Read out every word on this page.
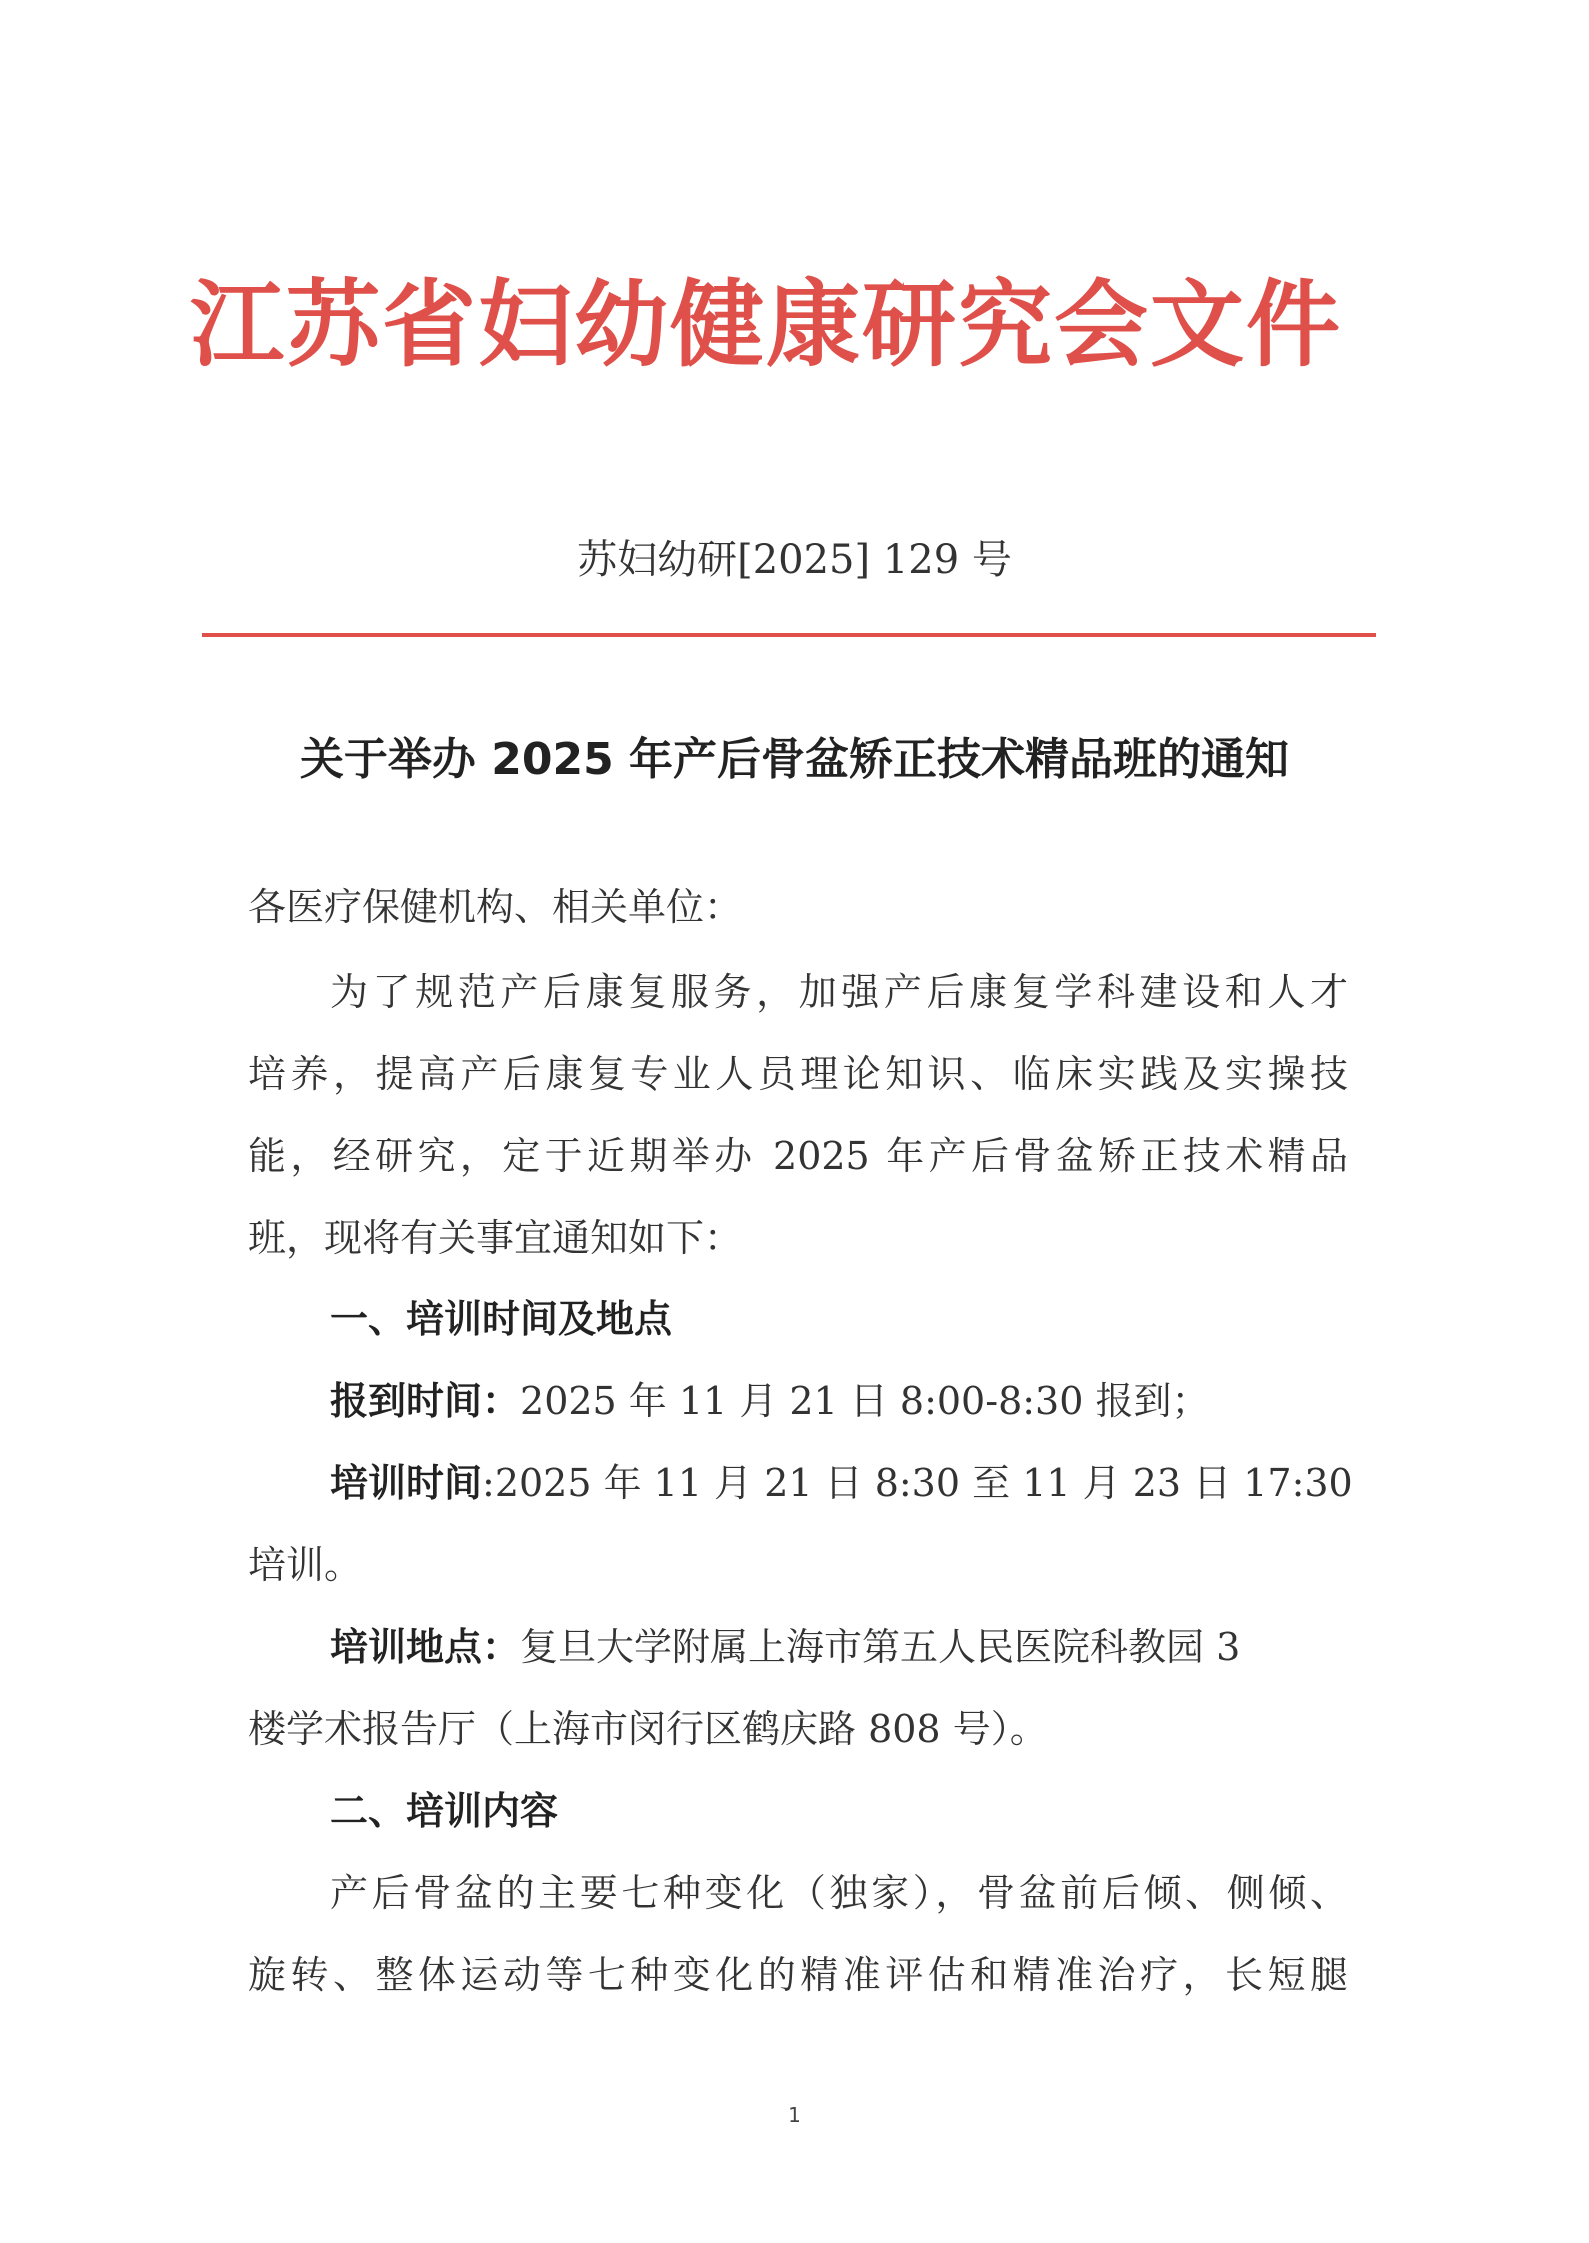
江苏省妇幼健康研究会文件
苏妇幼研[2025] 129 号
关于举办 2025 年产后骨盆矫正技术精品班的通知
各医疗保健机构、相关单位：
为了规范产后康复服务，加强产后康复学科建设和人才
培养，提高产后康复专业人员理论知识、临床实践及实操技
能，经研究，定于近期举办 2025 年产后骨盆矫正技术精品
班，现将有关事宜通知如下：
一、培训时间及地点
报到时间：2025 年 11 月 21 日 8:00-8:30 报到；
培训时间:2025 年 11 月 21 日 8:30 至 11 月 23 日 17:30
培训。
培训地点：复旦大学附属上海市第五人民医院科教园 3
楼学术报告厅（上海市闵行区鹤庆路 808 号）。
二、培训内容
产后骨盆的主要七种变化（独家），骨盆前后倾、侧倾、
旋转、整体运动等七种变化的精准评估和精准治疗，长短腿
1
